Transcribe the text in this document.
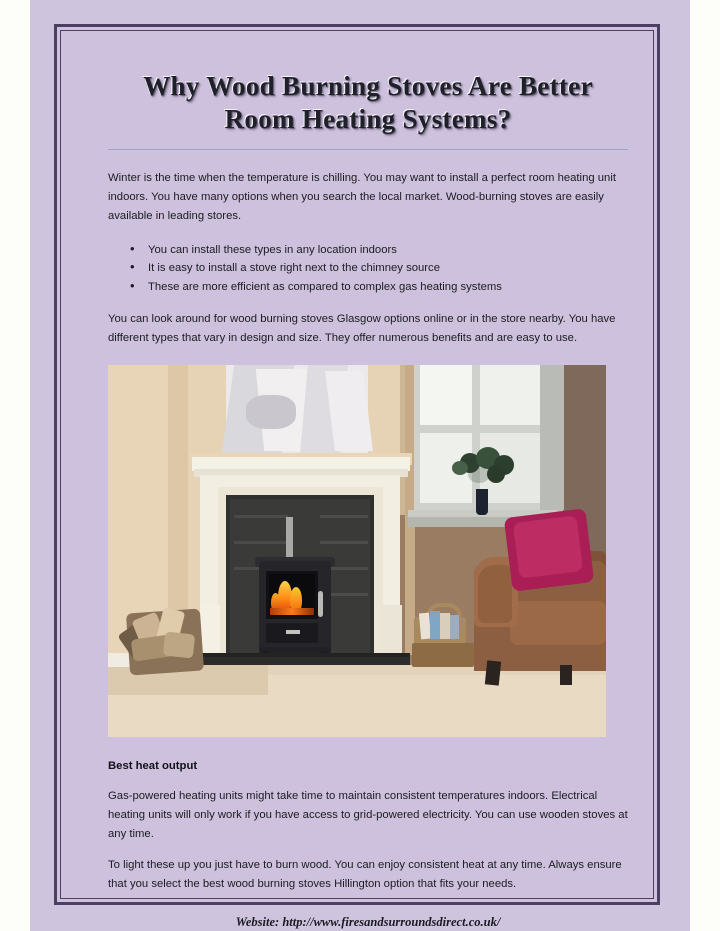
Why Wood Burning Stoves Are Better Room Heating Systems?

Winter is the time when the temperature is chilling. You may want to install a perfect room heating unit indoors. You have many options when you search the local market. Wood-burning stoves are easily available in leading stores.

• You can install these types in any location indoors
• It is easy to install a stove right next to the chimney source
• These are more efficient as compared to complex gas heating systems

You can look around for wood burning stoves Glasgow options online or in the store nearby. You have different types that vary in design and size. They offer numerous benefits and are easy to use.

Best heat output

Gas-powered heating units might take time to maintain consistent temperatures indoors. Electrical heating units will only work if you have access to grid-powered electricity. You can use wooden stoves at any time.

To light these up you just have to burn wood. You can enjoy consistent heat at any time. Always ensure that you select the best wood burning stoves Hillington option that fits your needs.

Website: http://www.firesandsurroundsdirect.co.uk/
